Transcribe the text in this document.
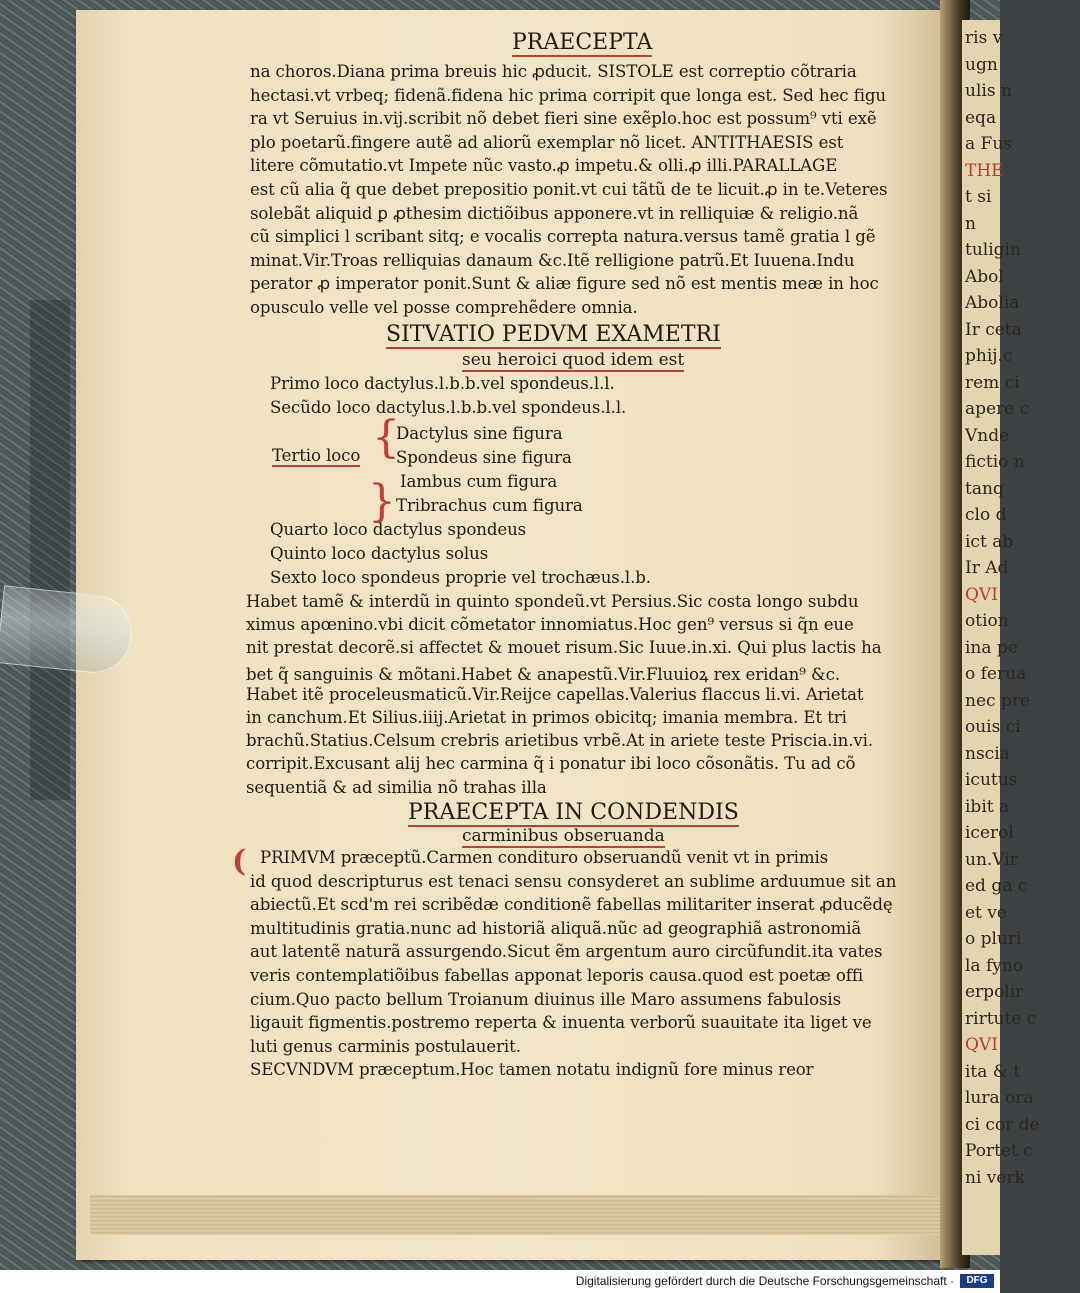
ris v
ugn
ulis n
eqa
a Fus
THE
t si
n
tuligin
Abol
Abolia
Ir ceta
phij.c
rem ci
apere c
Vnde
fictio n
tanq
clo d
ict ab
Ir Ad
QVI
otion
ina pe
o ferua
nec pre
ouis ci
nscia
icutus
ibit a
icerol
un.Vir
ed ga c
et ve
o pluri
la fyno
erpolir
rirtute c
QVI
ita & t
lura ora
ci cor de
Portet c
ni verk
PRAECEPTA
na choros.Diana prima breuis hic ꝓducit. SISTOLE est correptio cõtraria
hectasi.vt vrbeq; fidenã.fidena hic prima corripit que longa est. Sed hec figu
ra vt Seruius in.vij.scribit nõ debet fieri sine exẽplo.hoc est possum⁹ vti exẽ
plo poetarũ.fingere autẽ ad aliorũ exemplar nõ licet. ANTITHAESIS est
litere cõmutatio.vt Impete nũc vasto.ꝓ impetu.& olli.ꝓ illi.PARALLAGE
est cũ alia q̃ que debet prepositio ponit.vt cui tãtũ de te licuit.ꝓ in te.Veteres
solebãt aliquid ꝑ ꝓthesim dictiõibus apponere.vt in relliquiæ & religio.nã
cũ simplici l scribant sitq; e vocalis correpta natura.versus tamẽ gratia l gẽ
minat.Vir.Troas relliquias danaum &c.Itẽ relligione patrũ.Et Iuuena.Indu
perator ꝓ imperator ponit.Sunt & aliæ figure sed nõ est mentis meæ in hoc
opusculo velle vel posse comprehẽdere omnia.
SITVATIO PEDVM EXAMETRI
seu heroici quod idem est
Primo loco dactylus.l.b.b.vel spondeus.l.l.
Secũdo loco dactylus.l.b.b.vel spondeus.l.l.
{
Tertio loco
Dactylus sine figura
Spondeus sine figura
Iambus cum figura
} Tribrachus cum figura
Quarto loco dactylus spondeus
Quinto loco dactylus solus
Sexto loco spondeus proprie vel trochæus.l.b.
Habet tamẽ & interdũ in quinto spondeũ.vt Persius.Sic costa longo subdu
ximus apœnino.vbi dicit cõmetator innomiatus.Hoc gen⁹ versus si q̃n eue
nit prestat decorẽ.si affectet & mouet risum.Sic Iuue.in.xi. Qui plus lactis ha
bet q̃ sanguinis & mõtani.Habet & anapestũ.Vir.Fluuioꝝ rex eridan⁹ &c.
Habet itẽ proceleusmaticũ.Vir.Reijce capellas.Valerius flaccus li.vi. Arietat
in canchum.Et Silius.iiij.Arietat in primos obicitq; imania membra. Et tri
brachũ.Statius.Celsum crebris arietibus vrbẽ.At in ariete teste Priscia.in.vi.
corripit.Excusant alij hec carmina q̃ i ponatur ibi loco cõsonãtis. Tu ad cõ
sequentiã & ad similia nõ trahas illa
PRAECEPTA IN CONDENDIS
carminibus obseruanda
( PRIMVM præceptũ.Carmen condituro obseruandũ venit vt in primis
id quod descripturus est tenaci sensu consyderet an sublime arduumue sit an
abiectũ.Et scd'm rei scribẽdæ conditionẽ fabellas militariter inserat ꝓducẽdę
multitudinis gratia.nunc ad historiã aliquã.nũc ad geographiã astronomiã
aut latentẽ naturã assurgendo.Sicut ẽm argentum auro circũfundit.ita vates
veris contemplatiõibus fabellas apponat leporis causa.quod est poetæ offi
cium.Quo pacto bellum Troianum diuinus ille Maro assumens fabulosis
ligauit figmentis.postremo reperta & inuenta verborũ suauitate ita liget ve
luti genus carminis postulauerit.
SECVNDVM præceptum.Hoc tamen notatu indignũ fore minus reor
Digitalisierung gefördert durch die Deutsche Forschungsgemeinschaft ·	DFG
